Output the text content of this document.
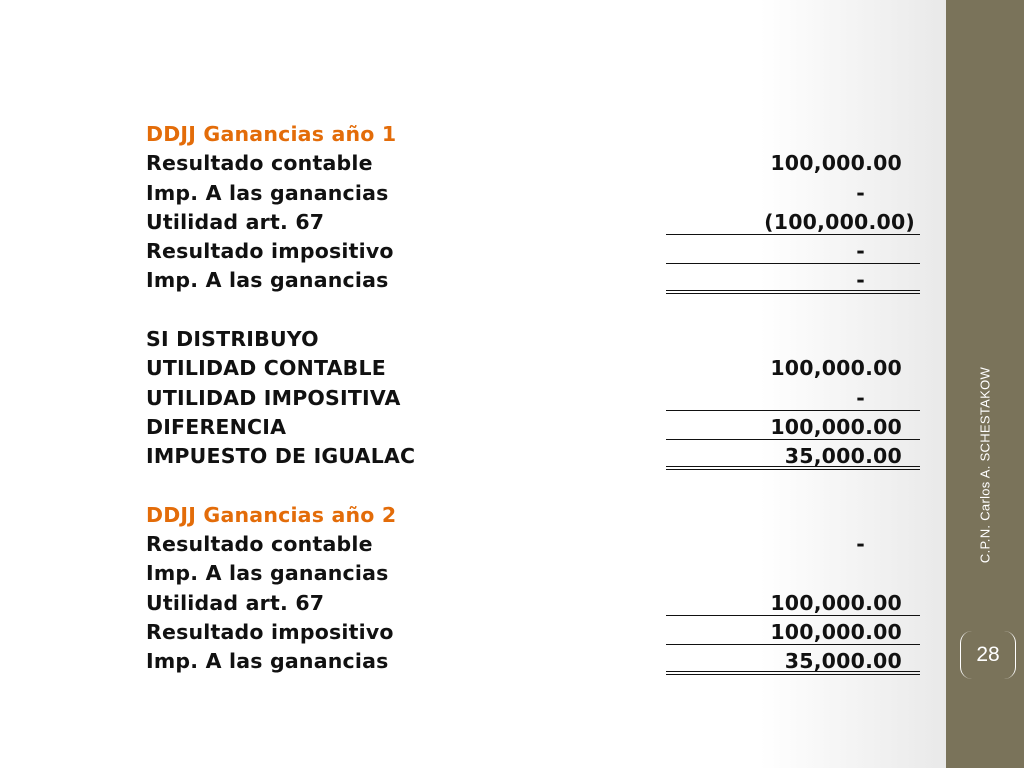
DDJJ Ganancias año 1
Resultado contable	100,000.00
Imp. A las ganancias	-
Utilidad art. 67	(100,000.00)
Resultado impositivo	-
Imp. A las ganancias	-
SI DISTRIBUYO
UTILIDAD CONTABLE	100,000.00
UTILIDAD IMPOSITIVA	-
DIFERENCIA	100,000.00
IMPUESTO DE IGUALAC	35,000.00
DDJJ Ganancias año 2
Resultado contable	-
Imp. A las ganancias
Utilidad art. 67	100,000.00
Resultado impositivo	100,000.00
Imp. A las ganancias	35,000.00
C.P.N. Carlos A. SCHESTAKOW
28
